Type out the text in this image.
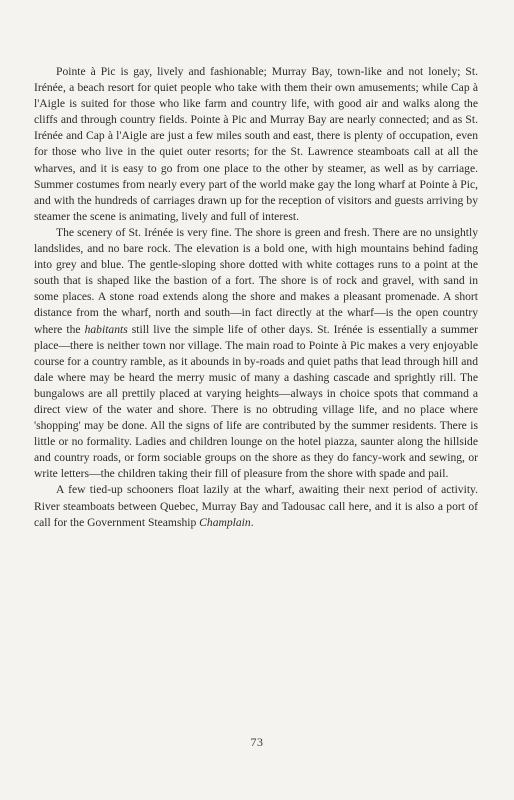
Pointe à Pic is gay, lively and fashionable; Murray Bay, town-like and not lonely; St. Irénée, a beach resort for quiet people who take with them their own amusements; while Cap à l'Aigle is suited for those who like farm and country life, with good air and walks along the cliffs and through country fields. Pointe à Pic and Murray Bay are nearly connected; and as St. Irénée and Cap à l'Aigle are just a few miles south and east, there is plenty of occupation, even for those who live in the quiet outer resorts; for the St. Lawrence steamboats call at all the wharves, and it is easy to go from one place to the other by steamer, as well as by carriage. Summer costumes from nearly every part of the world make gay the long wharf at Pointe à Pic, and with the hundreds of carriages drawn up for the reception of visitors and guests arriving by steamer the scene is animating, lively and full of interest.

The scenery of St. Irénée is very fine. The shore is green and fresh. There are no unsightly landslides, and no bare rock. The elevation is a bold one, with high mountains behind fading into grey and blue. The gentle-sloping shore dotted with white cottages runs to a point at the south that is shaped like the bastion of a fort. The shore is of rock and gravel, with sand in some places. A stone road extends along the shore and makes a pleasant promenade. A short distance from the wharf, north and south—in fact directly at the wharf—is the open country where the habitants still live the simple life of other days. St. Irénée is essentially a summer place—there is neither town nor village. The main road to Pointe à Pic makes a very enjoyable course for a country ramble, as it abounds in by-roads and quiet paths that lead through hill and dale where may be heard the merry music of many a dashing cascade and sprightly rill. The bungalows are all prettily placed at varying heights—always in choice spots that command a direct view of the water and shore. There is no obtruding village life, and no place where 'shopping' may be done. All the signs of life are contributed by the summer residents. There is little or no formality. Ladies and children lounge on the hotel piazza, saunter along the hillside and country roads, or form sociable groups on the shore as they do fancy-work and sewing, or write letters—the children taking their fill of pleasure from the shore with spade and pail.

A few tied-up schooners float lazily at the wharf, awaiting their next period of activity. River steamboats between Quebec, Murray Bay and Tadousac call here, and it is also a port of call for the Government Steamship Champlain.

73
